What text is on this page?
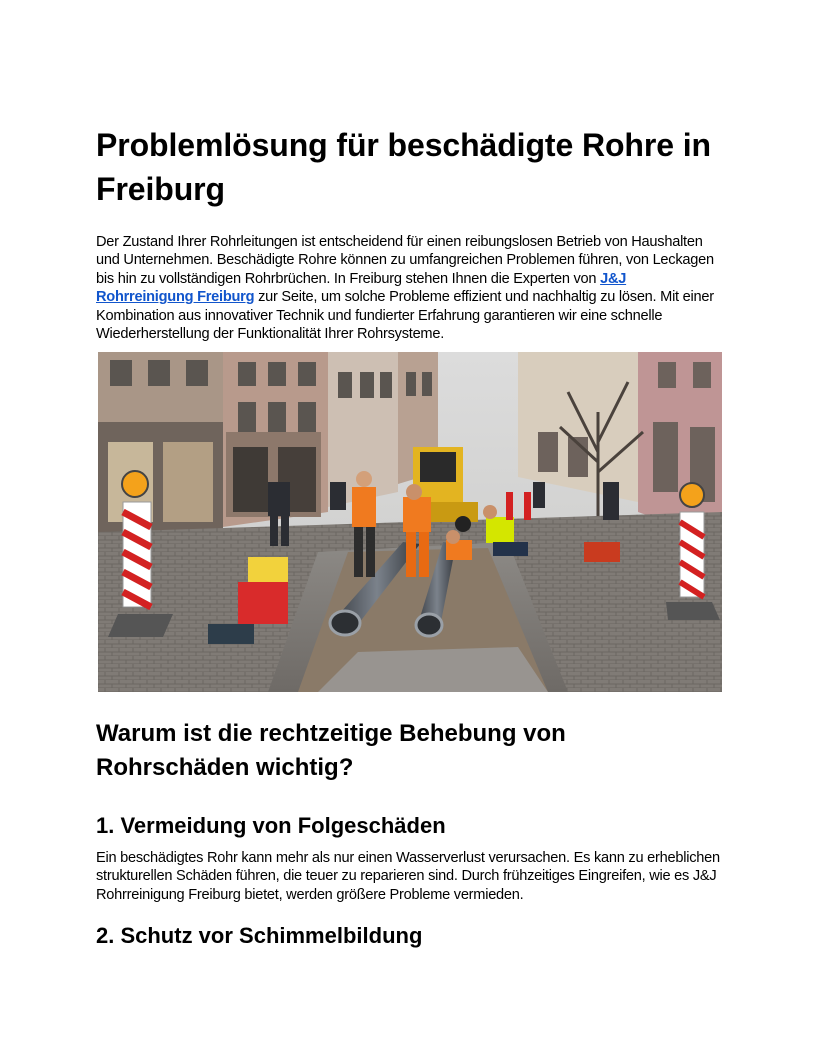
Problemlösung für beschädigte Rohre in Freiburg

Der Zustand Ihrer Rohrleitungen ist entscheidend für einen reibungslosen Betrieb von Haushalten und Unternehmen. Beschädigte Rohre können zu umfangreichen Problemen führen, von Leckagen bis hin zu vollständigen Rohrbrüchen. In Freiburg stehen Ihnen die Experten von J&J Rohrreinigung Freiburg zur Seite, um solche Probleme effizient und nachhaltig zu lösen. Mit einer Kombination aus innovativer Technik und fundierter Erfahrung garantieren wir eine schnelle Wiederherstellung der Funktionalität Ihrer Rohrsysteme.

Warum ist die rechtzeitige Behebung von Rohrschäden wichtig?
1. Vermeidung von Folgeschäden

Ein beschädigtes Rohr kann mehr als nur einen Wasserverlust verursachen. Es kann zu erheblichen strukturellen Schäden führen, die teuer zu reparieren sind. Durch frühzeitiges Eingreifen, wie es J&J Rohrreinigung Freiburg bietet, werden größere Probleme vermieden.

2. Schutz vor Schimmelbildung
